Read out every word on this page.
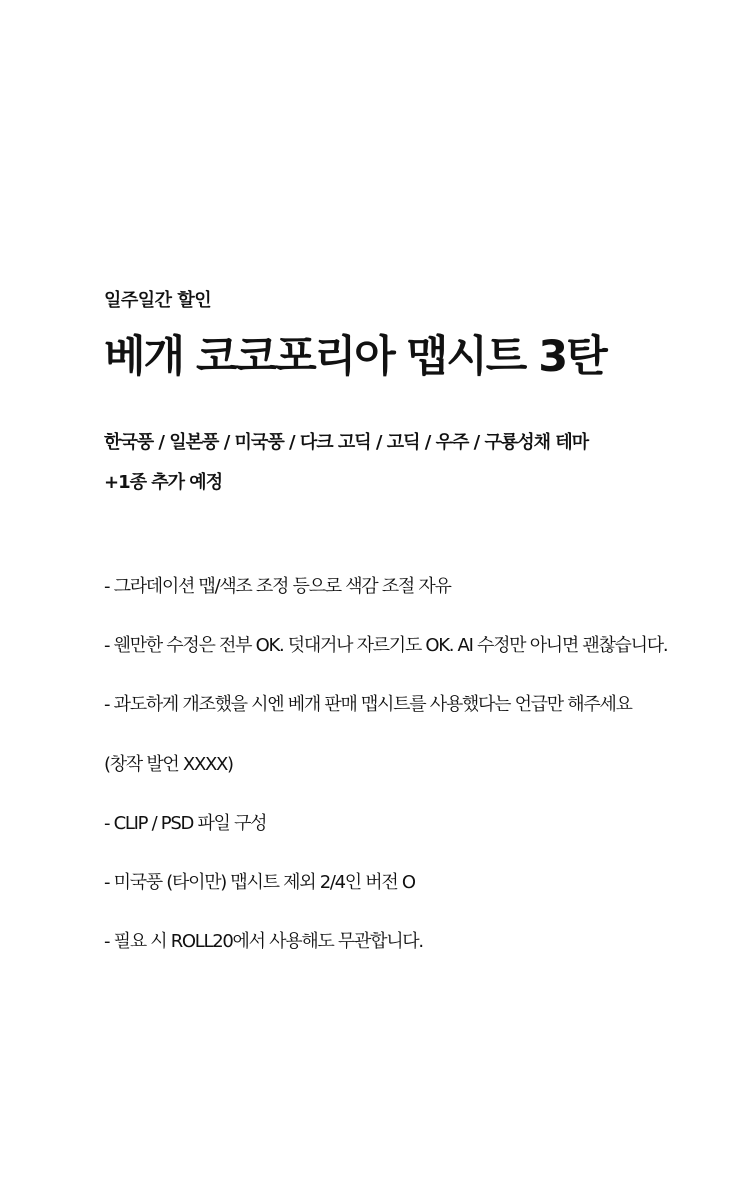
일주일간 할인
베개 코코포리아 맵시트 3탄
한국풍 / 일본풍 / 미국풍 / 다크 고딕 / 고딕 / 우주 / 구룡성채 테마
+1종 추가 예정
- 그라데이션 맵/색조 조정 등으로 색감 조절 자유
- 웬만한 수정은 전부 OK. 덧대거나 자르기도 OK. AI 수정만 아니면 괜찮습니다.
- 과도하게 개조했을 시엔 베개 판매 맵시트를 사용했다는 언급만 해주세요
(창작 발언 XXXX)
- CLIP / PSD 파일 구성
- 미국풍 (타이만) 맵시트 제외 2/4인 버전 O
- 필요 시 ROLL20에서 사용해도 무관합니다.
